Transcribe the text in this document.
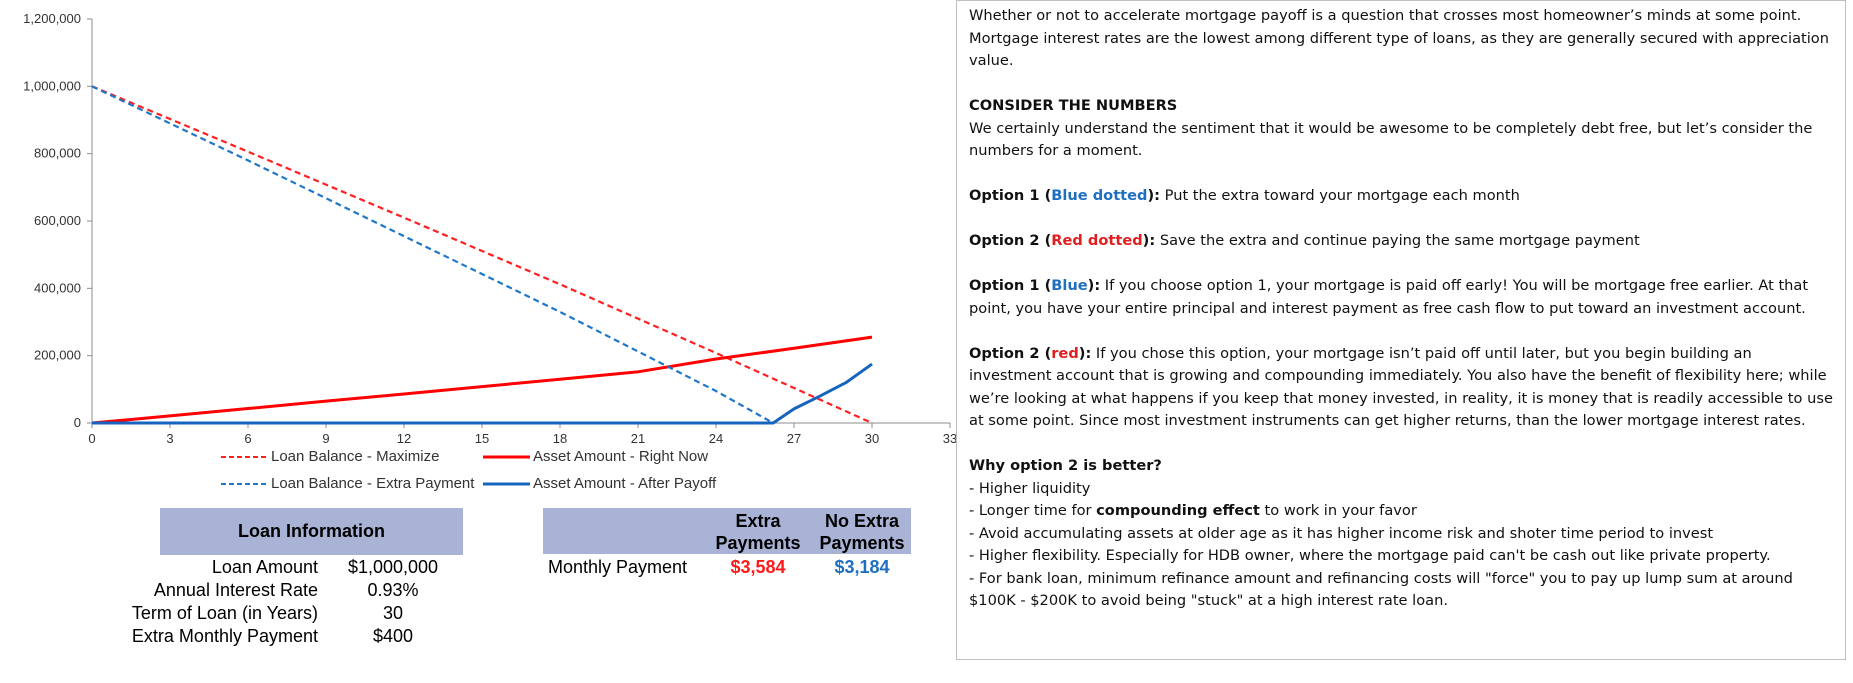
0
200,000
400,000
600,000
800,000
1,000,000
1,200,000
0	3	6	9	12	15	18	21	24	27	30	33
Loan Balance - Maximize	Asset Amount - Right Now
Loan Balance - Extra Payment	Asset Amount - After Payoff
Loan Information
Loan Amount	$1,000,000
Annual Interest Rate	0.93%
Term of Loan (in Years)	30
Extra Monthly Payment	$400
Extra
Payments
No Extra
Payments
Monthly Payment	$3,584	$3,184

Whether or not to accelerate mortgage payoff is a question that crosses most homeowner’s minds at some point. Mortgage interest rates are the lowest among different type of loans, as they are generally secured with appreciation value.

CONSIDER THE NUMBERS

We certainly understand the sentiment that it would be awesome to be completely debt free, but let’s consider the numbers for a moment.

Option 1 (Blue dotted): Put the extra toward your mortgage each month

Option 2 (Red dotted): Save the extra and continue paying the same mortgage payment

Option 1 (Blue): If you choose option 1, your mortgage is paid off early! You will be mortgage free earlier. At that point, you have your entire principal and interest payment as free cash flow to put toward an investment account.

Option 2 (red): If you chose this option, your mortgage isn’t paid off until later, but you begin building an investment account that is growing and compounding immediately. You also have the benefit of flexibility here; while we’re looking at what happens if you keep that money invested, in reality, it is money that is readily accessible to use at some point. Since most investment instruments can get higher returns, than the lower mortgage interest rates.

Why option 2 is better?

- Higher liquidity

- Longer time for compounding effect to work in your favor

- Avoid accumulating assets at older age as it has higher income risk and shoter time period to invest

- Higher flexibility. Especially for HDB owner, where the mortgage paid can't be cash out like private property.

- For bank loan, minimum refinance amount and refinancing costs will "force" you to pay up lump sum at around $100K - $200K to avoid being "stuck" at a high interest rate loan.
